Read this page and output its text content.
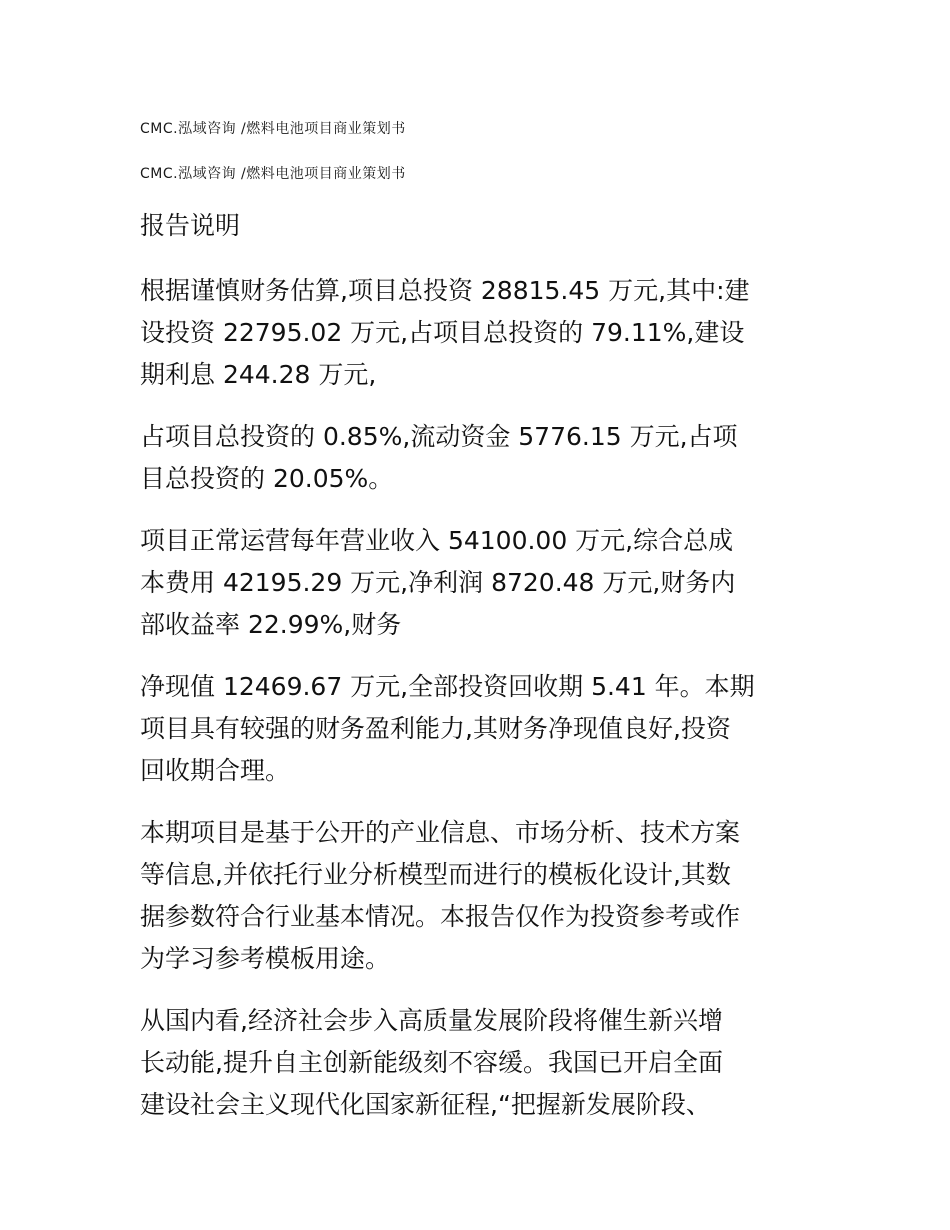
CMC.泓域咨询 /燃料电池项目商业策划书
CMC.泓域咨询 /燃料电池项目商业策划书
报告说明

根据谨慎财务估算,项目总投资 28815.45 万元,其中:建
设投资 22795.02 万元,占项目总投资的 79.11%,建设
期利息 244.28 万元,

占项目总投资的 0.85%,流动资金 5776.15 万元,占项
目总投资的 20.05%。

项目正常运营每年营业收入 54100.00 万元,综合总成
本费用 42195.29 万元,净利润 8720.48 万元,财务内
部收益率 22.99%,财务

净现值 12469.67 万元,全部投资回收期 5.41 年。本期
项目具有较强的财务盈利能力,其财务净现值良好,投资
回收期合理。

本期项目是基于公开的产业信息、市场分析、技术方案
等信息,并依托行业分析模型而进行的模板化设计,其数
据参数符合行业基本情况。本报告仅作为投资参考或作
为学习参考模板用途。

从国内看,经济社会步入高质量发展阶段将催生新兴增
长动能,提升自主创新能级刻不容缓。我国已开启全面
建设社会主义现代化国家新征程,“把握新发展阶段、
